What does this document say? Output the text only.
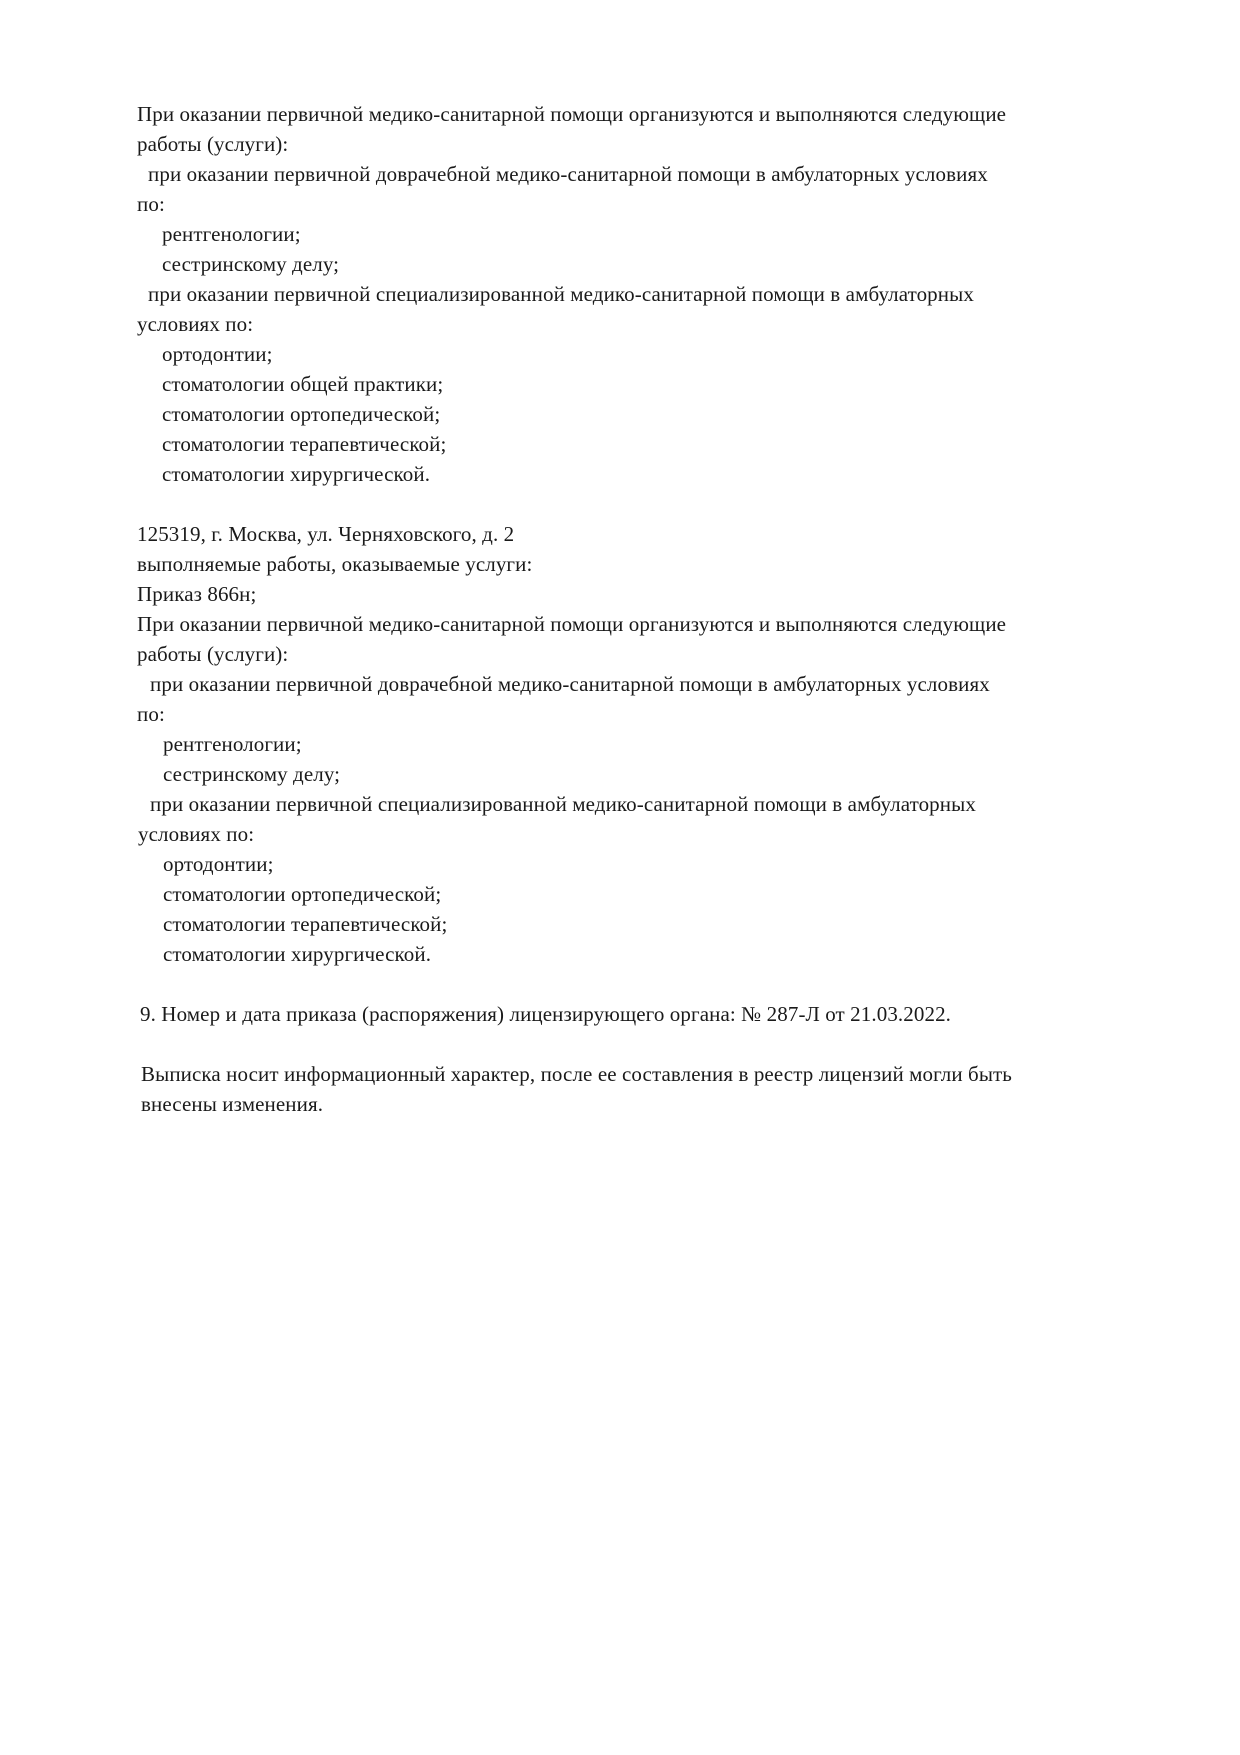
При оказании первичной медико-санитарной помощи организуются и выполняются следующие
работы (услуги):
при оказании первичной доврачебной медико-санитарной помощи в амбулаторных условиях
по:
рентгенологии;
сестринскому делу;
при оказании первичной специализированной медико-санитарной помощи в амбулаторных
условиях по:
ортодонтии;
стоматологии общей практики;
стоматологии ортопедической;
стоматологии терапевтической;
стоматологии хирургической.
125319, г. Москва, ул. Черняховского, д. 2
выполняемые работы, оказываемые услуги:
Приказ 866н;
При оказании первичной медико-санитарной помощи организуются и выполняются следующие
работы (услуги):
при оказании первичной доврачебной медико-санитарной помощи в амбулаторных условиях
по:
рентгенологии;
сестринскому делу;
при оказании первичной специализированной медико-санитарной помощи в амбулаторных
условиях по:
ортодонтии;
стоматологии ортопедической;
стоматологии терапевтической;
стоматологии хирургической.
9. Номер и дата приказа (распоряжения) лицензирующего органа: № 287-Л от 21.03.2022.
Выписка носит информационный характер, после ее составления в реестр лицензий могли быть
внесены изменения.
